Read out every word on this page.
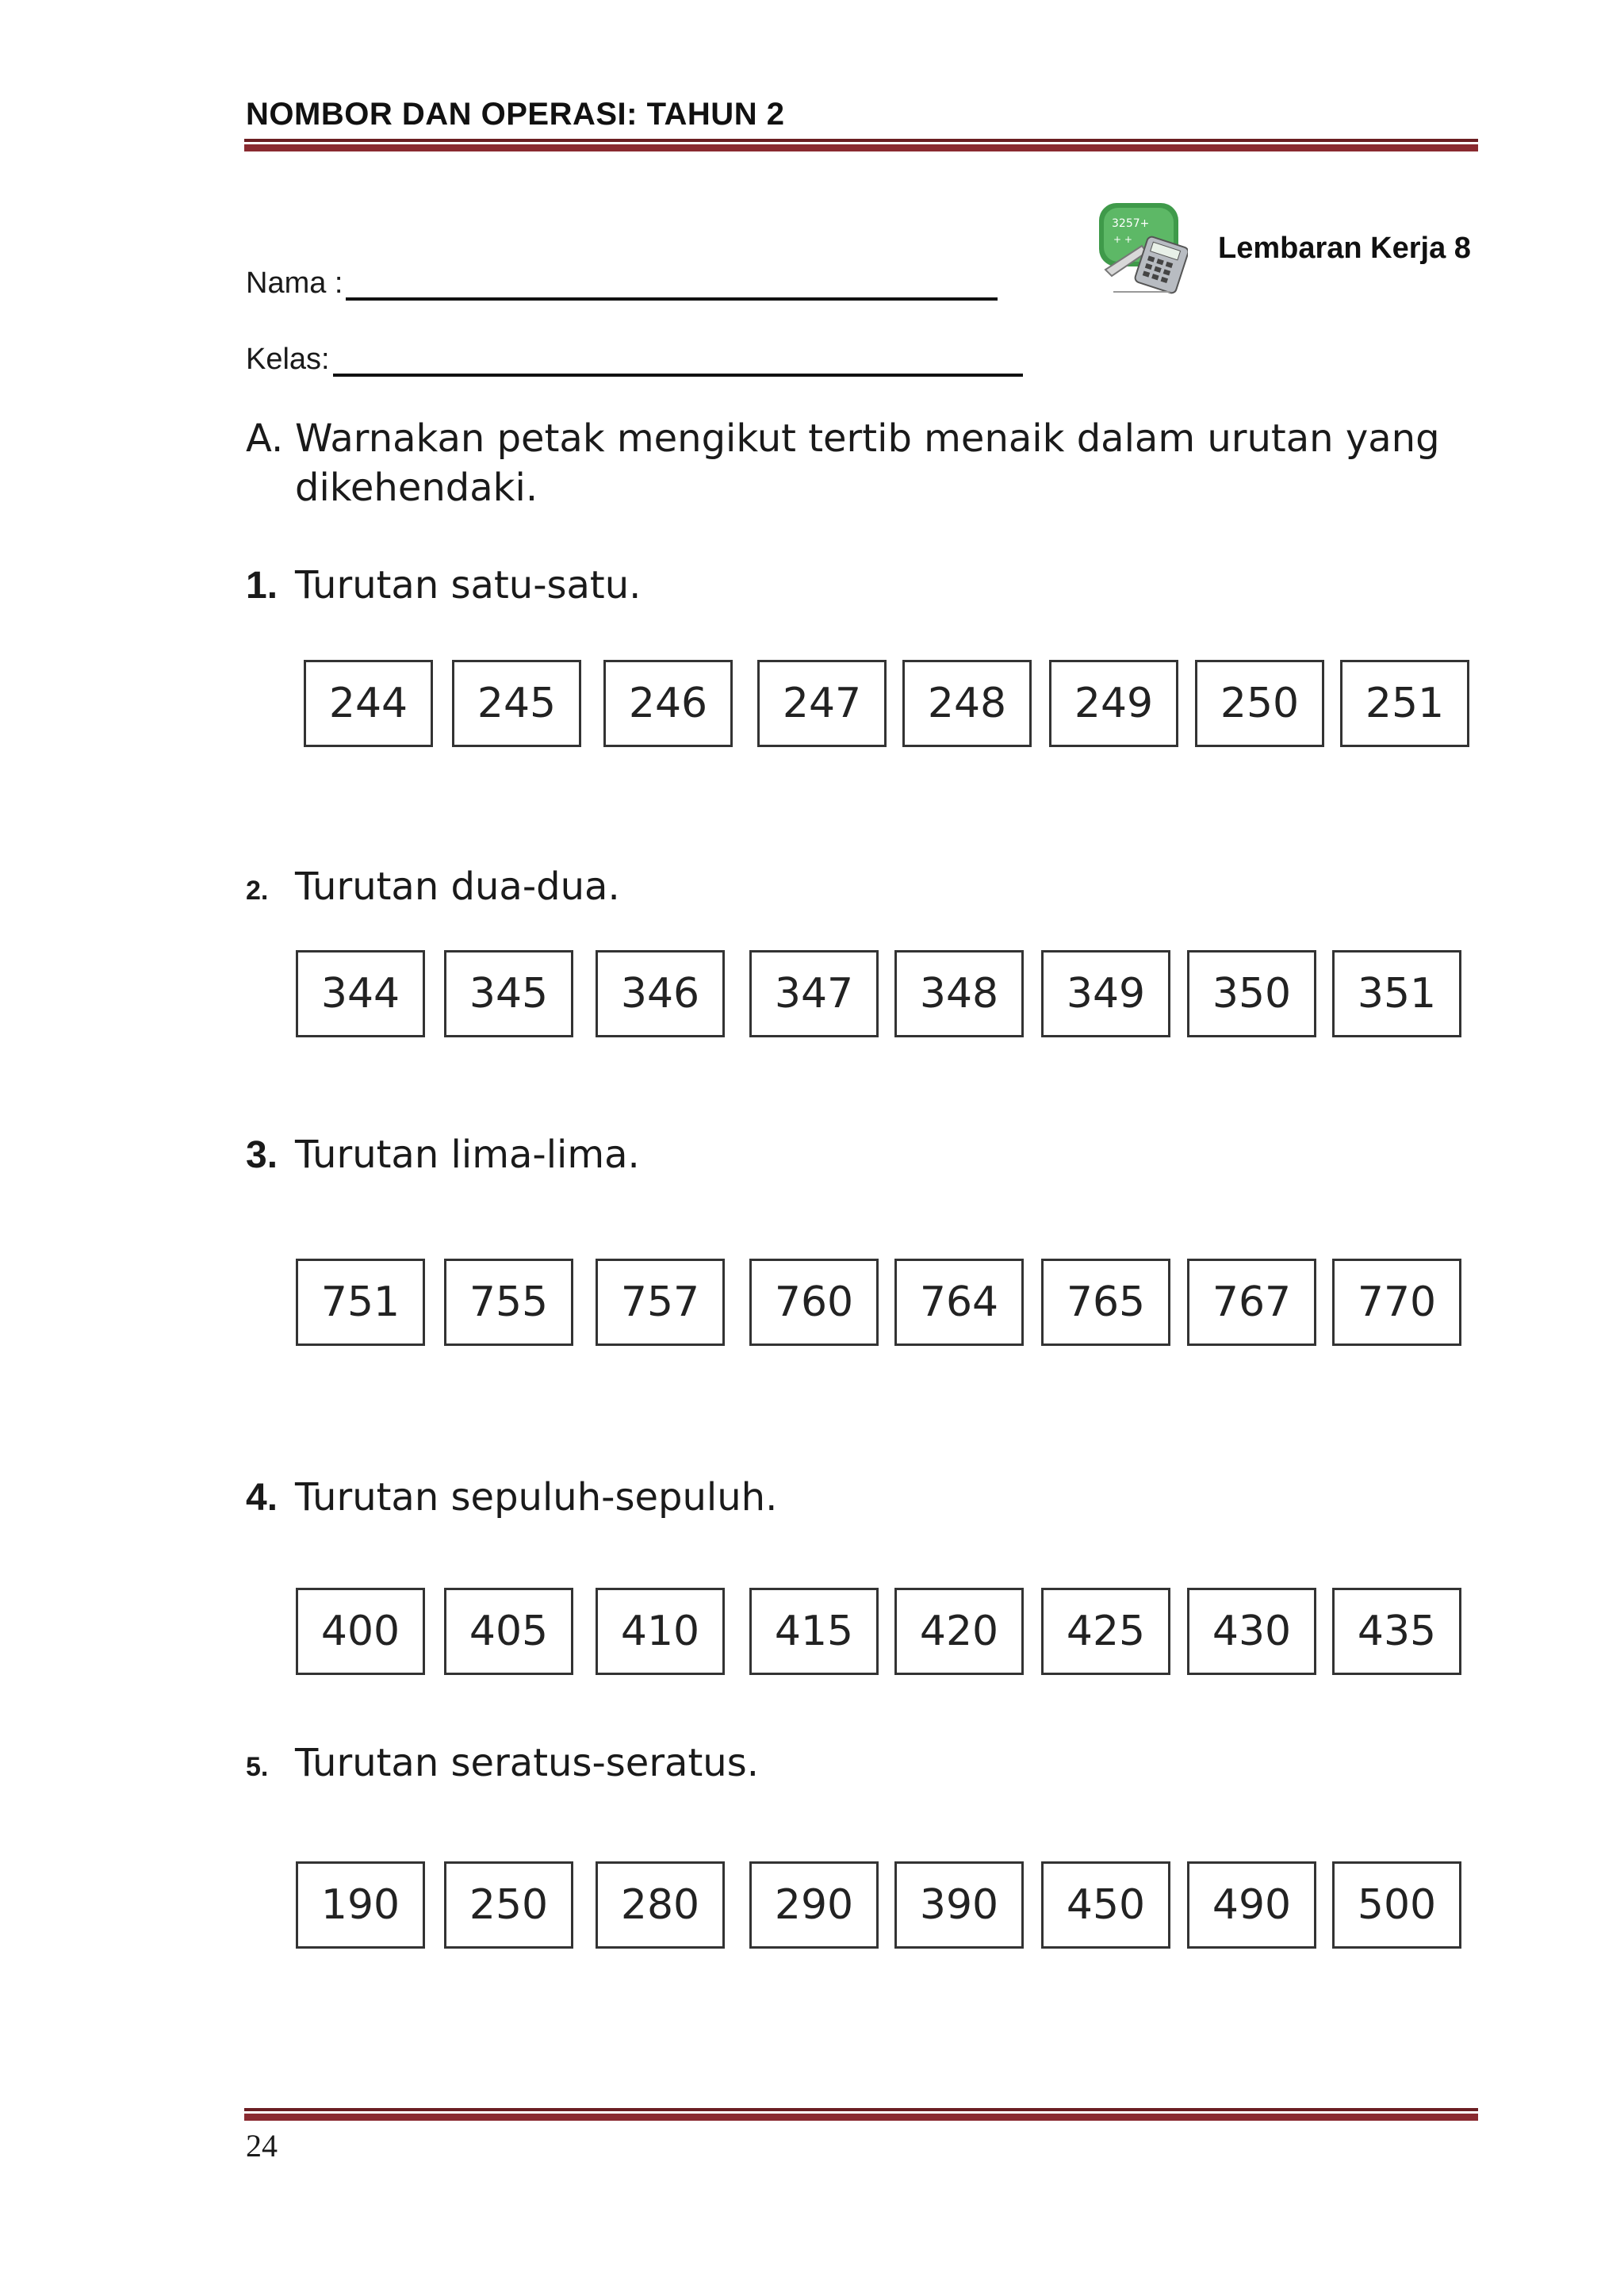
NOMBOR DAN OPERASI: TAHUN 2
3257+
+ +	Lembaran Kerja 8
Nama :
Kelas:
A. Warnakan petak mengikut tertib menaik dalam urutan yang dikehendaki.
1. Turutan satu-satu.
244	245	246	247	248	249	250	251
2. Turutan dua-dua.
344	345	346	347	348	349	350	351
3. Turutan lima-lima.
751	755	757	760	764	765	767	770
4. Turutan sepuluh-sepuluh.
400	405	410	415	420	425	430	435
5. Turutan seratus-seratus.
190	250	280	290	390	450	490	500
24
